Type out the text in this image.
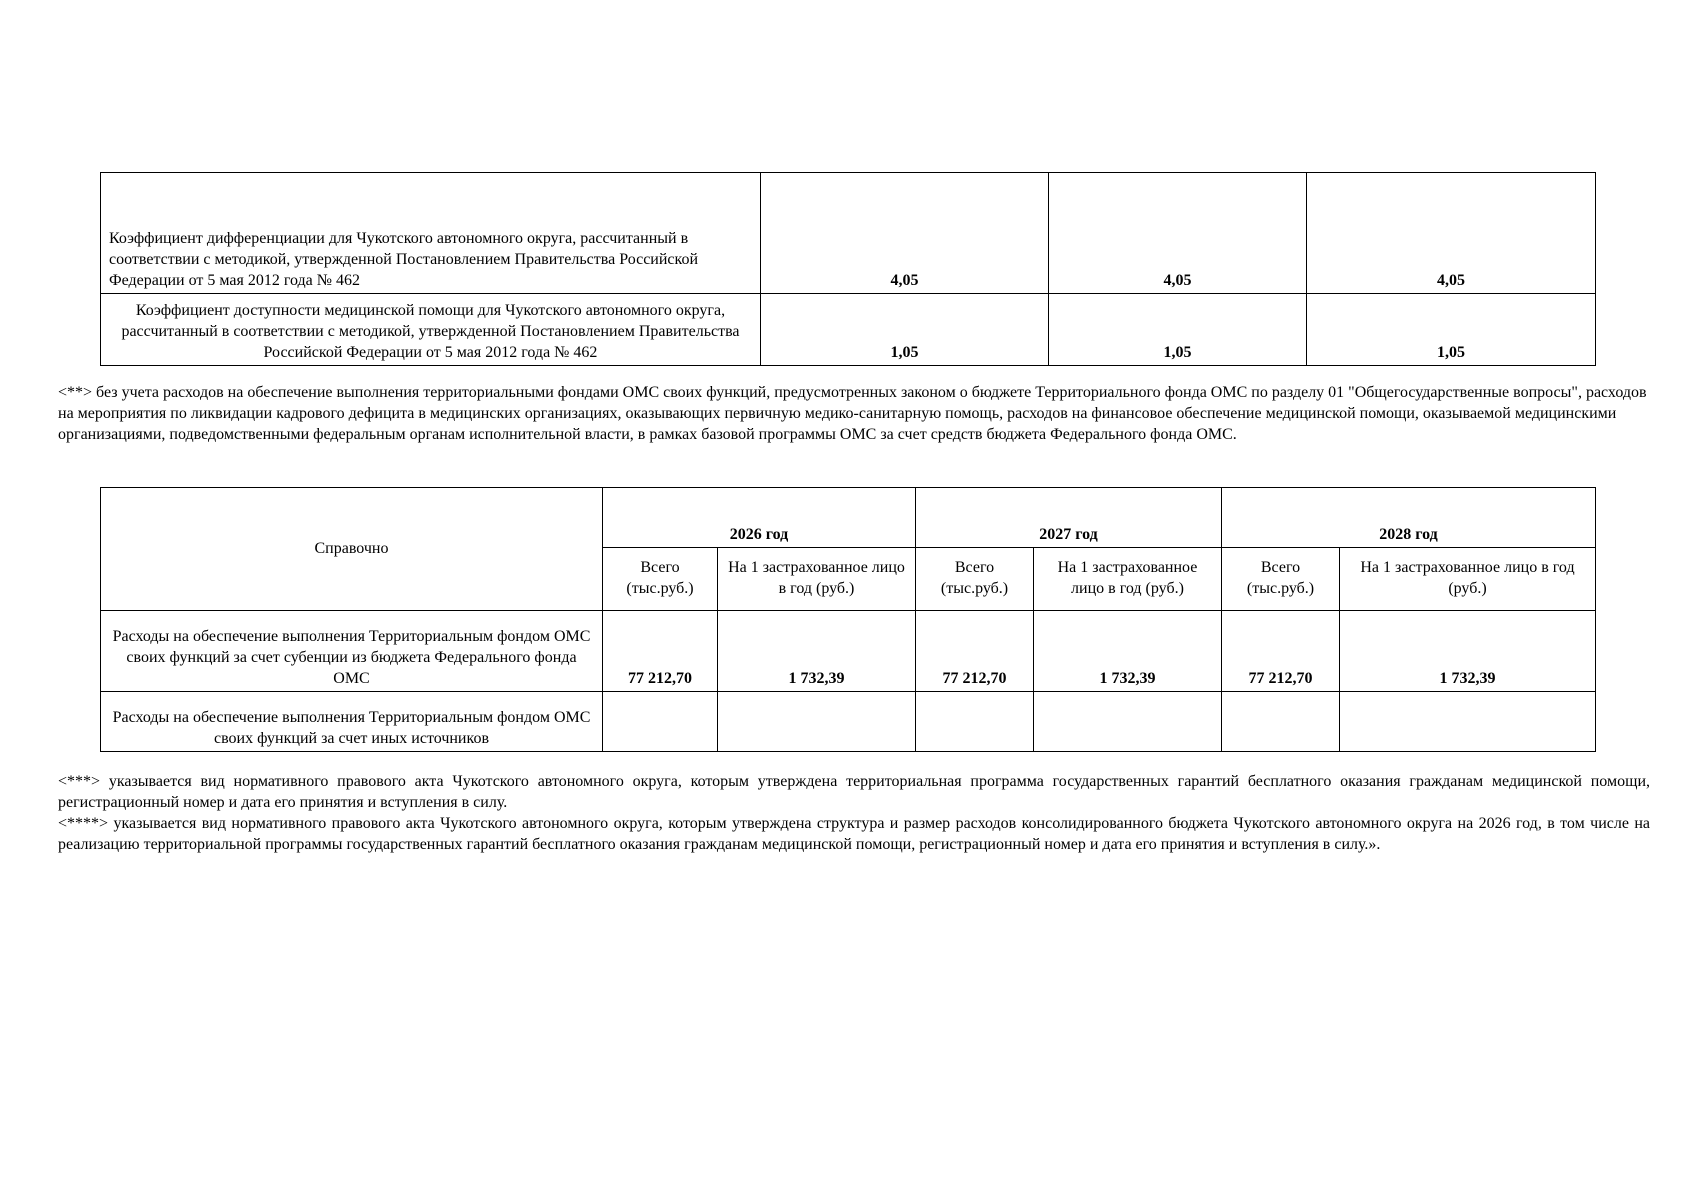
Коэффициент дифференциации для Чукотского автономного округа, рассчитанный в соответствии с методикой, утвержденной Постановлением Правительства Российской Федерации от 5 мая 2012 года № 462	4,05	4,05	4,05
Коэффициент доступности медицинской помощи для Чукотского автономного округа, рассчитанный в соответствии с методикой, утвержденной Постановлением Правительства Российской Федерации от 5 мая 2012 года № 462	1,05	1,05	1,05

<**> без учета расходов на обеспечение выполнения территориальными фондами ОМС своих функций, предусмотренных законом о бюджете Территориального фонда ОМС по разделу 01 "Общегосударственные вопросы", расходов на мероприятия по ликвидации кадрового дефицита в медицинских организациях, оказывающих первичную медико-санитарную помощь, расходов на финансовое обеспечение медицинской помощи, оказываемой медицинскими организациями, подведомственными федеральным органам исполнительной власти, в рамках базовой программы ОМС за счет средств бюджета Федерального фонда ОМС.

Справочно	2026 год		2027 год		2028 год	
	Всего (тыс.руб.)	На 1 застрахованное лицо в год (руб.)	Всего (тыс.руб.)	На 1 застрахованное лицо в год (руб.)	Всего (тыс.руб.)	На 1 застрахованное лицо в год (руб.)
Расходы на обеспечение выполнения Территориальным фондом ОМС своих функций за счет субенции из бюджета Федерального фонда ОМС	77 212,70	1 732,39	77 212,70	1 732,39	77 212,70	1 732,39
Расходы на обеспечение выполнения Территориальным фондом ОМС своих функций за счет иных источников						

<***> указывается вид нормативного правового акта Чукотского автономного округа, которым утверждена территориальная программа государственных гарантий бесплатного оказания гражданам медицинской помощи, регистрационный номер и дата его принятия и вступления в силу.

<****> указывается вид нормативного правового акта Чукотского автономного округа, которым утверждена структура и размер расходов консолидированного бюджета Чукотского автономного округа на 2026 год, в том числе на реализацию территориальной программы государственных гарантий бесплатного оказания гражданам медицинской помощи, регистрационный номер и дата его принятия и вступления в силу.».
